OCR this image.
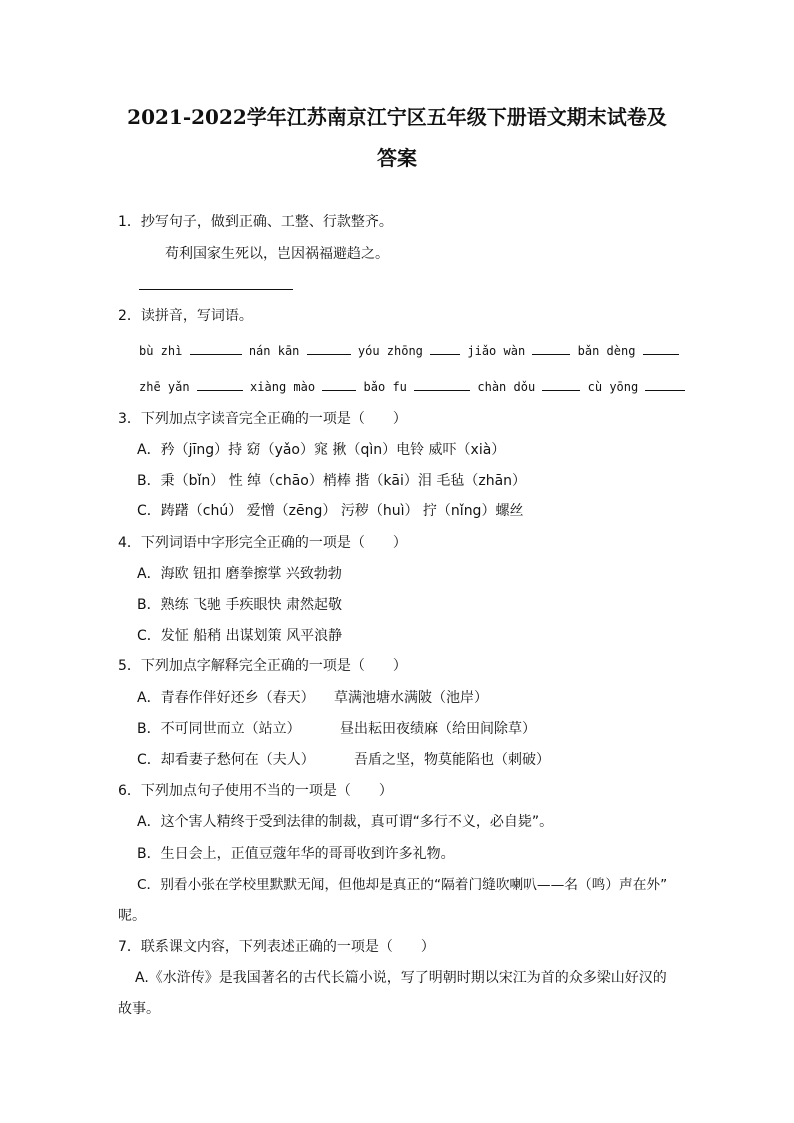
2021-2022学年江苏南京江宁区五年级下册语文期末试卷及
答案
1．抄写句子，做到正确、工整、行款整齐。
苟利国家生死以，岂因祸福避趋之。
2．读拼音，写词语。
bù zhì	nán kān	yóu zhōng	jiǎo wàn	bǎn dèng
zhē yǎn	xiàng mào	bǎo fu	chàn dǒu	cù yōng
3．下列加点字读音完全正确的一项是（　　）
A．矜（jīng）持 窈（yǎo）窕 揪（qìn）电铃 威吓（xià）
B．秉（bǐn） 性 绰（chāo）梢棒 揩（kāi）泪 毛毡（zhān）
C．踌躇（chú） 爱憎（zēng） 污秽（huì） 拧（nǐng）螺丝
4．下列词语中字形完全正确的一项是（　　）
A．海欧 钮扣 磨拳擦掌 兴致勃勃
B．熟练 飞驰 手疾眼快 肃然起敬
C．发怔 船稍 出谋划策 风平浪静
5．下列加点字解释完全正确的一项是（　　）
A．青春作伴好还乡（春天） 草满池塘水满陂（池岸）
B．不可同世而立（站立）	昼出耘田夜绩麻（给田间除草）
C．却看妻子愁何在（夫人）	吾盾之坚，物莫能陷也（刺破）
6．下列加点句子使用不当的一项是（　　）
A．这个害人精终于受到法律的制裁，真可谓“多行不义，必自毙”。
B．生日会上，正值豆蔻年华的哥哥收到许多礼物。
C．别看小张在学校里默默无闻，但他却是真正的“隔着门缝吹喇叭——名（鸣）声在外”
呢。
7．联系课文内容，下列表述正确的一项是（　　）
A.《水浒传》是我国著名的古代长篇小说，写了明朝时期以宋江为首的众多梁山好汉的
故事。
